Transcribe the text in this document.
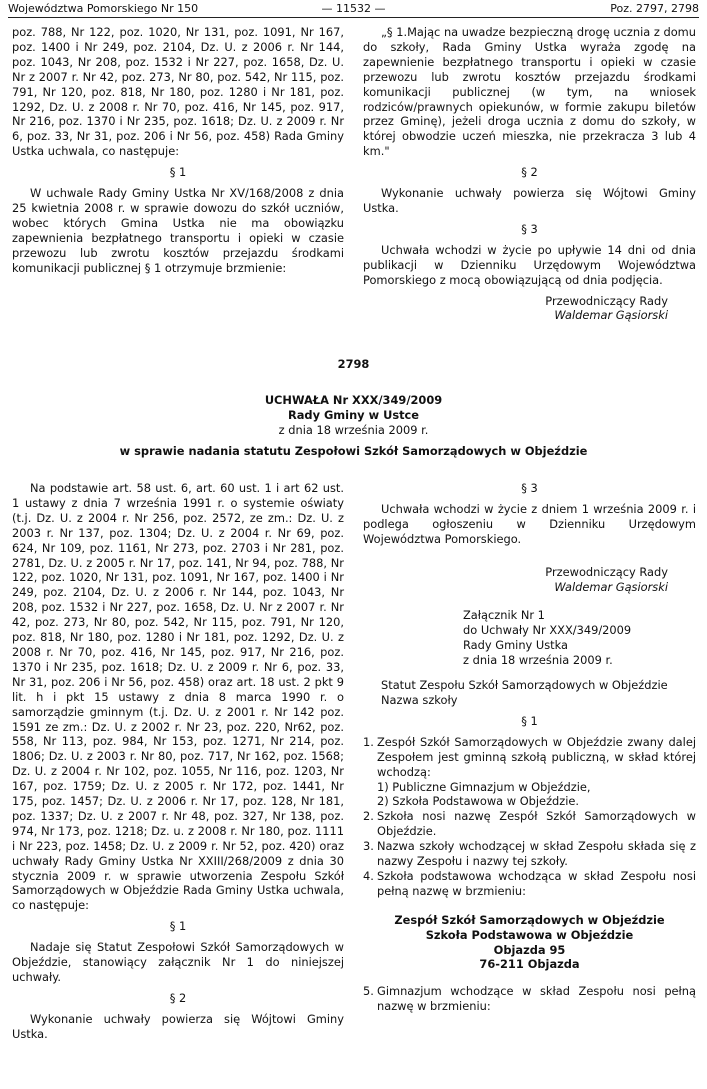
Województwa Pomorskiego Nr 150	— 11532 —	Poz. 2797, 2798

poz. 788, Nr 122, poz. 1020, Nr 131, poz. 1091, Nr 167, poz. 1400 i Nr 249, poz. 2104, Dz. U. z 2006 r. Nr 144, poz. 1043, Nr 208, poz. 1532 i Nr 227, poz. 1658, Dz. U. Nr z 2007 r. Nr 42, poz. 273, Nr 80, poz. 542, Nr 115, poz. 791, Nr 120, poz. 818, Nr 180, poz. 1280 i Nr 181, poz. 1292, Dz. U. z 2008 r. Nr 70, poz. 416, Nr 145, poz. 917, Nr 216, poz. 1370 i Nr 235, poz. 1618; Dz. U. z 2009 r. Nr 6, poz. 33, Nr 31, poz. 206 i Nr 56, poz. 458) Rada Gminy Ustka uchwala, co następuje:

§ 1

W uchwale Rady Gminy Ustka Nr XV/168/2008 z dnia 25 kwietnia 2008 r. w sprawie dowozu do szkół uczniów, wobec których Gmina Ustka nie ma obowiązku zapewnienia bezpłatnego transportu i opieki w czasie przewozu lub zwrotu kosztów przejazdu środkami komunikacji publicznej § 1 otrzymuje brzmienie:

„§ 1.Mając na uwadze bezpieczną drogę ucznia z domu do szkoły, Rada Gminy Ustka wyraża zgodę na zapewnienie bezpłatnego transportu i opieki w czasie przewozu lub zwrotu kosztów przejazdu środkami komunikacji publicznej (w tym, na wniosek rodziców/prawnych opiekunów, w formie zakupu biletów przez Gminę), jeżeli droga ucznia z domu do szkoły, w której obwodzie uczeń mieszka, nie przekracza 3 lub 4 km."

§ 2

Wykonanie uchwały powierza się Wójtowi Gminy Ustka.

§ 3

Uchwała wchodzi w życie po upływie 14 dni od dnia publikacji w Dzienniku Urzędowym Województwa Pomorskiego z mocą obowiązującą od dnia podjęcia.

Przewodniczący Rady
Waldemar Gąsiorski
2798
UCHWAŁA Nr XXX/349/2009
Rady Gminy w Ustce
z dnia 18 września 2009 r.
w sprawie nadania statutu Zespołowi Szkół Samorządowych w Objeździe

Na podstawie art. 58 ust. 6, art. 60 ust. 1 i art 62 ust. 1 ustawy z dnia 7 września 1991 r. o systemie oświaty (t.j. Dz. U. z 2004 r. Nr 256, poz. 2572, ze zm.: Dz. U. z 2003 r. Nr 137, poz. 1304; Dz. U. z 2004 r. Nr 69, poz. 624, Nr 109, poz. 1161, Nr 273, poz. 2703 i Nr 281, poz. 2781, Dz. U. z 2005 r. Nr 17, poz. 141, Nr 94, poz. 788, Nr 122, poz. 1020, Nr 131, poz. 1091, Nr 167, poz. 1400 i Nr 249, poz. 2104, Dz. U. z 2006 r. Nr 144, poz. 1043, Nr 208, poz. 1532 i Nr 227, poz. 1658, Dz. U. Nr z 2007 r. Nr 42, poz. 273, Nr 80, poz. 542, Nr 115, poz. 791, Nr 120, poz. 818, Nr 180, poz. 1280 i Nr 181, poz. 1292, Dz. U. z 2008 r. Nr 70, poz. 416, Nr 145, poz. 917, Nr 216, poz. 1370 i Nr 235, poz. 1618; Dz. U. z 2009 r. Nr 6, poz. 33, Nr 31, poz. 206 i Nr 56, poz. 458) oraz art. 18 ust. 2 pkt 9 lit. h i pkt 15 ustawy z dnia 8 marca 1990 r. o samorządzie gminnym (t.j. Dz. U. z 2001 r. Nr 142 poz. 1591 ze zm.: Dz. U. z 2002 r. Nr 23, poz. 220, Nr62, poz. 558, Nr 113, poz. 984, Nr 153, poz. 1271, Nr 214, poz. 1806; Dz. U. z 2003 r. Nr 80, poz. 717, Nr 162, poz. 1568; Dz. U. z 2004 r. Nr 102, poz. 1055, Nr 116, poz. 1203, Nr 167, poz. 1759; Dz. U. z 2005 r. Nr 172, poz. 1441, Nr 175, poz. 1457; Dz. U. z 2006 r. Nr 17, poz. 128, Nr 181, poz. 1337; Dz. U. z 2007 r. Nr 48, poz. 327, Nr 138, poz. 974, Nr 173, poz. 1218; Dz. u. z 2008 r. Nr 180, poz. 1111 i Nr 223, poz. 1458; Dz. U. z 2009 r. Nr 52, poz. 420) oraz uchwały Rady Gminy Ustka Nr XXIII/268/2009 z dnia 30 stycznia 2009 r. w sprawie utworzenia Zespołu Szkół Samorządowych w Objeździe Rada Gminy Ustka uchwala, co następuje:

§ 1

Nadaje się Statut Zespołowi Szkół Samorządowych w Objeździe, stanowiący załącznik Nr 1 do niniejszej uchwały.

§ 2

Wykonanie uchwały powierza się Wójtowi Gminy Ustka.

§ 3

Uchwała wchodzi w życie z dniem 1 września 2009 r. i podlega ogłoszeniu w Dzienniku Urzędowym Województwa Pomorskiego.

Przewodniczący Rady
Waldemar Gąsiorski
Załącznik Nr 1
do Uchwały Nr XXX/349/2009
Rady Gminy Ustka
z dnia 18 września 2009 r.
Statut Zespołu Szkół Samorządowych w Objeździe
Nazwa szkoły
§ 1
1. Zespół Szkół Samorządowych w Objeździe zwany dalej Zespołem jest gminną szkołą publiczną, w skład której wchodzą:
1) Publiczne Gimnazjum w Objeździe,
2) Szkoła Podstawowa w Objeździe.
2. Szkoła nosi nazwę Zespół Szkół Samorządowych w Objeździe.
3. Nazwa szkoły wchodzącej w skład Zespołu składa się z nazwy Zespołu i nazwy tej szkoły.
4. Szkoła podstawowa wchodząca w skład Zespołu nosi pełną nazwę w brzmieniu:
Zespół Szkół Samorządowych w Objeździe
Szkoła Podstawowa w Objeździe
Objazda 95
76-211 Objazda
5. Gimnazjum wchodzące w skład Zespołu nosi pełną nazwę w brzmieniu:
